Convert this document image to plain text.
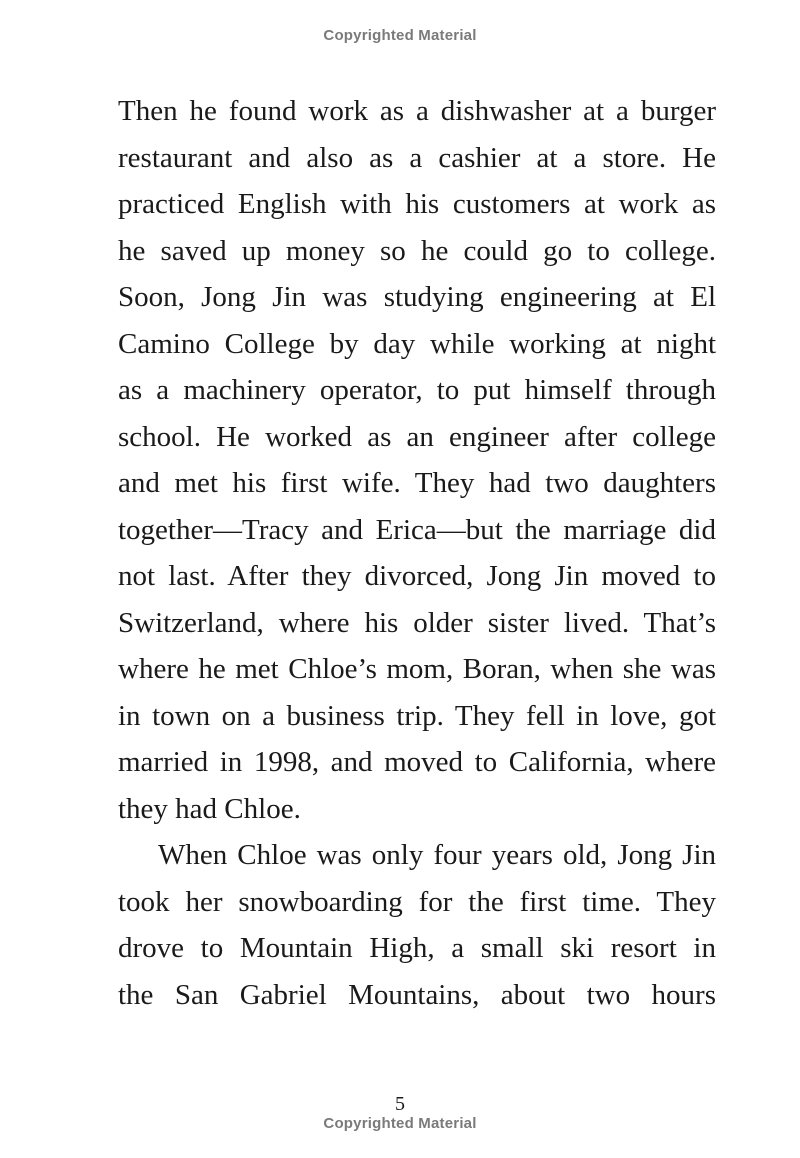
Copyrighted Material
Then he found work as a dishwasher at a burger
restaurant and also as a cashier at a store. He
practiced English with his customers at work as
he saved up money so he could go to college.
Soon, Jong Jin was studying engineering at El
Camino College by day while working at night
as a machinery operator, to put himself through
school. He worked as an engineer after college
and met his first wife. They had two daughters
together—Tracy and Erica—but the marriage did
not last. After they divorced, Jong Jin moved to
Switzerland, where his older sister lived. That’s
where he met Chloe’s mom, Boran, when she was
in town on a business trip. They fell in love, got
married in 1998, and moved to California, where
they had Chloe.
When Chloe was only four years old, Jong Jin
took her snowboarding for the first time. They
drove to Mountain High, a small ski resort in
the San Gabriel Mountains, about two hours
5
Copyrighted Material
